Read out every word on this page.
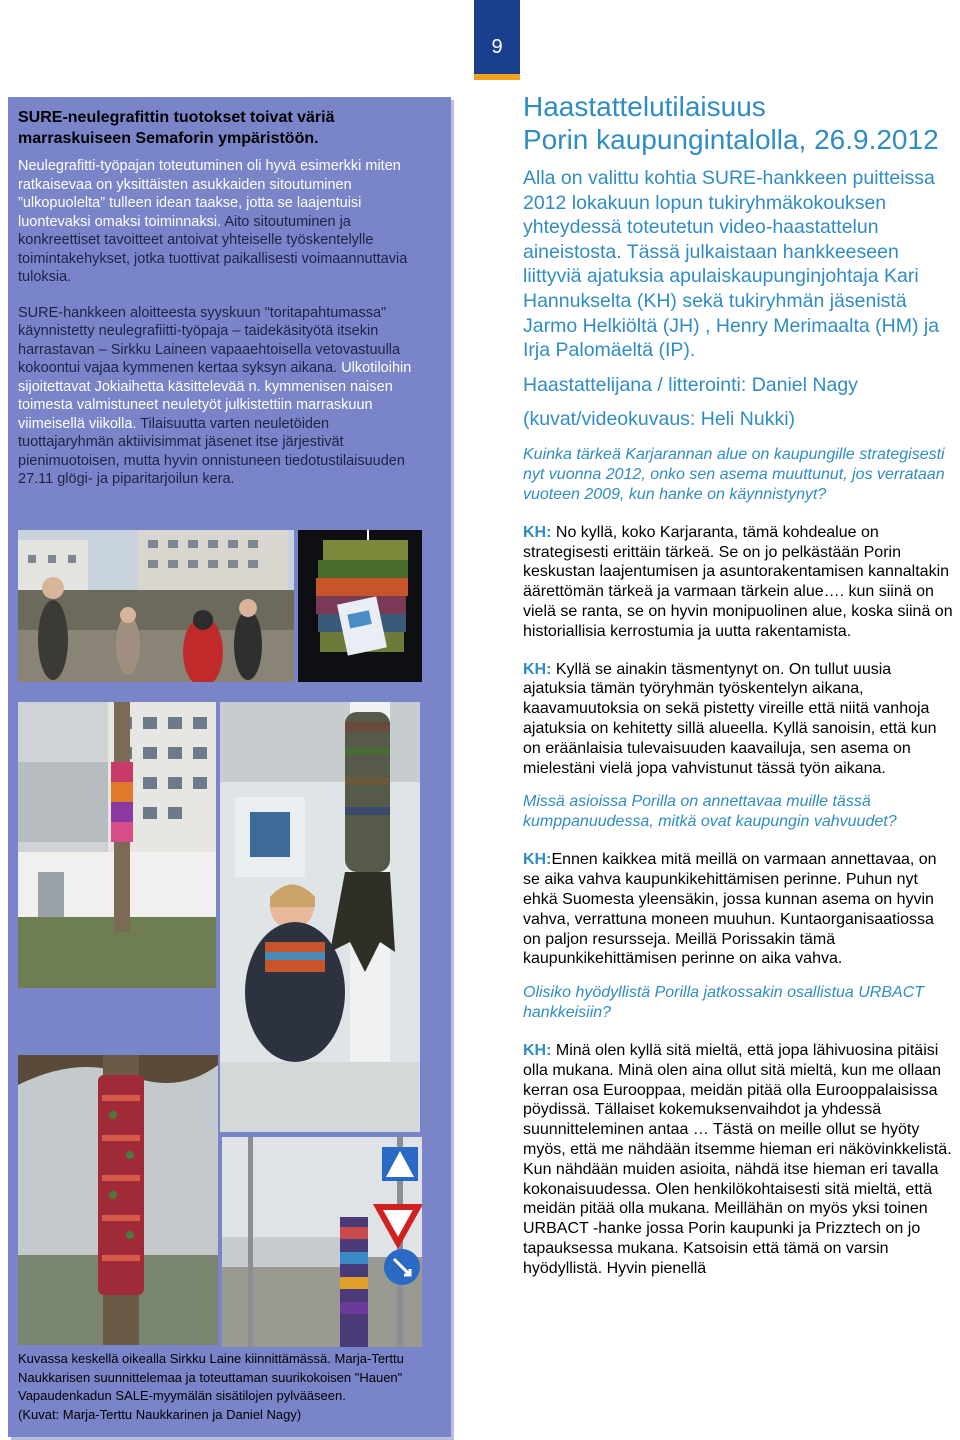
9
SURE-neulegrafittin tuotokset toivat väriä marraskuiseen Semaforin ympäristöön.

Neulegrafitti-työpajan toteutuminen oli hyvä esimerkki miten ratkaisevaa on yksittäisten asukkaiden sitoutuminen ”ulkopuolelta” tulleen idean taakse, jotta se laajentuisi luontevaksi omaksi toiminnaksi. Aito sitoutuminen ja konkreettiset tavoitteet antoivat yhteiselle työskentelylle toimintakehykset, jotka tuottivat paikallisesti voimaannuttavia tuloksia.

SURE-hankkeen aloitteesta syyskuun "toritapahtumassa" käynnistetty neulegrafiitti-työpaja – taidekäsityötä itsekin harrastavan – Sirkku Laineen vapaaehtoisella vetovastuulla kokoontui vajaa kymmenen kertaa syksyn aikana. Ulkotiloihin sijoitettavat Jokiaihetta käsittelevää n. kymmenisen naisen toimesta valmistuneet neuletyöt julkistettiin marraskuun viimeisellä viikolla. Tilaisuutta varten neuletöiden tuottajaryhmän aktiivisimmat jäsenet itse järjestivät pienimuotoisen, mutta hyvin onnistuneen tiedotustilaisuuden 27.11 glögi- ja piparitarjoilun kera.

Kuvassa keskellä oikealla Sirkku Laine kiinnittämässä. Marja-Terttu
Naukkarisen suunnittelemaa ja toteuttaman suurikokoisen "Hauen"
Vapaudenkadun SALE-myymälän sisätilojen pylvääseen.
(Kuvat: Marja-Terttu Naukkarinen ja Daniel Nagy)
Haastattelutilaisuus
Porin kaupungintalolla, 26.9.2012

Alla on valittu kohtia SURE-hankkeen puitteissa 2012 lokakuun lopun tukiryhmäkokouksen yhteydessä toteutetun video-haastattelun aineistosta. Tässä julkaistaan hankkeeseen liittyviä ajatuksia apulaiskaupunginjohtaja Kari Hannukselta (KH) sekä tukiryhmän jäsenistä Jarmo Helkiöltä (JH) , Henry Merimaalta (HM) ja Irja Palomäeltä (IP).

Haastattelijana / litterointi: Daniel Nagy

(kuvat/videokuvaus: Heli Nukki)

Kuinka tärkeä Karjarannan alue on kaupungille strategisesti nyt vuonna 2012, onko sen asema muuttunut, jos verrataan vuoteen 2009, kun hanke on käynnistynyt?

KH: No kyllä, koko Karjaranta, tämä kohdealue on strategisesti erittäin tärkeä. Se on jo pelkästään Porin keskustan laajentumisen ja asuntorakentamisen kannaltakin äärettömän tärkeä ja varmaan tärkein alue…. kun siinä on vielä se ranta, se on hyvin monipuolinen alue, koska siinä on historiallisia kerrostumia ja uutta rakentamista.

KH: Kyllä se ainakin täsmentynyt on. On tullut uusia ajatuksia tämän työryhmän työskentelyn aikana, kaavamuutoksia on sekä pistetty vireille että niitä vanhoja ajatuksia on kehitetty sillä alueella. Kyllä sanoisin, että kun on eräänlaisia tulevaisuuden kaavailuja, sen asema on mielestäni vielä jopa vahvistunut tässä työn aikana.

Missä asioissa Porilla on annettavaa muille tässä kumppanuudessa, mitkä ovat kaupungin vahvuudet?

KH:Ennen kaikkea mitä meillä on varmaan annettavaa, on se aika vahva kaupunkikehittämisen perinne. Puhun nyt ehkä Suomesta yleensäkin, jossa kunnan asema on hyvin vahva, verrattuna moneen muuhun. Kuntaorganisaatiossa on paljon resursseja. Meillä Porissakin tämä kaupunkikehittämisen perinne on aika vahva.

Olisiko hyödyllistä Porilla jatkossakin osallistua URBACT hankkeisiin?

KH: Minä olen kyllä sitä mieltä, että jopa lähivuosina pitäisi olla mukana. Minä olen aina ollut sitä mieltä, kun me ollaan kerran osa Eurooppaa, meidän pitää olla Eurooppalaisissa pöydissä. Tällaiset kokemuksenvaihdot ja yhdessä suunnitteleminen antaa … Tästä on meille ollut se hyöty myös, että me nähdään itsemme hieman eri näkövinkkelistä. Kun nähdään muiden asioita, nähdä itse hieman eri tavalla kokonaisuudessa. Olen henkilökohtaisesti sitä mieltä, että meidän pitää olla mukana. Meillähän on myös yksi toinen URBACT -hanke jossa Porin kaupunki ja Prizztech on jo tapauksessa mukana. Katsoisin että tämä on varsin hyödyllistä. Hyvin pienellä
